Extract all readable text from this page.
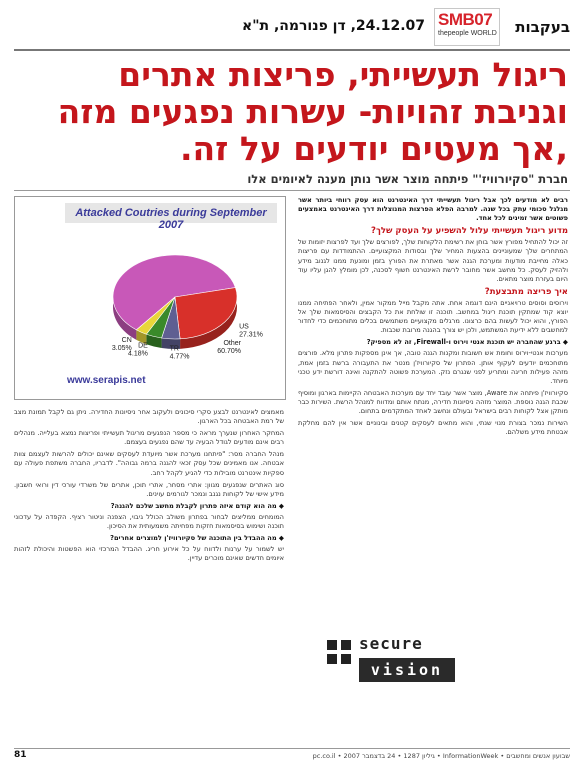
בעקבות
SMB07
thepeople WORLD
24.12.07, דן פנורמה, ת"א
ריגול תעשייתי, פריצות אתרים
וגניבת זהויות- עשרות נפגעים מזה
,אך מעטים יודעים על זה.
חברת "סקיורוויז'" פיתחה מוצר אשר נותן מענה לאיומים אלו

רבים לא מודעים לכך אבל ריגול תעשייתי דרך האינטרנט הוא עסק רווחי ביותר אשר מגלגל סכומי עתק בכל שנה. למרבה הפלא הפרצות המנוצלות דרך האינטרנט באמצעים פשוטים אשר זמינים לכל אחד.

מדוע ריגול תעשייתי עלול להשפיע על העסק שלך?

זה יכול להתחיל מפורץ אשר בוחן את רשימת הלקוחות שלך, לפורצים שלך ועד לפרצות יזומות של המתחרים שלך שמעוניינים בהצעות המחיר שלך ובסודות המקצועיים. ההתמודדות עם פריצות כאלה מחייבת מודעות ומערכת הגנה אשר מאתרת את הפורץ בזמן ומונעת ממנו לגנוב מידע ולהזיק לעסק. כל מחשב אשר מחובר לרשת האינטרנט חשוף לסכנה, לכן מומלץ להגן עליו עוד היום בעזרת מוצר מתאים.

איך פריצה מתבצעת?

וירוסים וסוסים טרויאניים הינם דוגמה אחת. אתה מקבל מייל ממקור אמין, ולאחר הפתיחה ממנו יוצא קוד שמתקין תוכנת ריגול במחשב. תוכנה זו שולחת את כל הקבצים והסיסמאות שלך אל הפורץ, והוא יכול לעשות בהם כרצונו. מרגלים מקצועיים משתמשים בכלים מתוחכמים כדי לחדור למחשבים ללא ידיעת המשתמש, ולכן יש צורך בהגנה מרובת שכבות.

◆ ברגע שהחברה יש תוכנת אנטי וירוס ו-Firewall, זה לא מספיק?

מערכות אנטי-וירוס וחומת אש חשובות ומקנות הגנה טובה, אך אינן מספקות פתרון מלא. פורצים מתוחכמים יודעים לעקוף אותן. הפתרון של סקיורוויז'ן מנטר את התעבורה ברשת בזמן אמת, מזהה פעילות חריגה ומתריע לפני שנגרם נזק. המערכת פשוטה להתקנה ואינה דורשת ידע טכני מיוחד.

סקיורוויז'ן פיתחה את Aware, מוצר אשר עובד יחד עם מערכות האבטחה הקיימות בארגון ומוסיף שכבת הגנה נוספת. המוצר מזהה ניסיונות חדירה, מנתח אותם ומדווח למנהל הרשת. השירות כבר מותקן אצל לקוחות רבים בישראל ובעולם ונחשב לאחד המתקדמים בתחום.

השירות נמכר בצורת מנוי שנתי, והוא מתאים לעסקים קטנים ובינוניים אשר אין להם מחלקת אבטחת מידע משלהם.

Attacked Coutries during September 2007
Other 60.70%
US 27.31%
TR 4.77%
DE 4.18%
CN 3.05%
www.serapis.net

מאמצים לאינטרנט לבצע סקרי סיכונים ולעקוב אחר ניסיונות החדירה. ניתן גם לקבל תמונת מצב של רמת האבטחה בכל הארגון.

המחקר האחרון שנערך מראה כי מספר הנפגעים מריגול תעשייתי ופריצות נמצא בעלייה. מנהלים רבים אינם מודעים לגודל הבעיה עד שהם נפגעים בעצמם.

מנהל החברה מסר: "פיתחנו מערכת אשר מיועדת לעסקים שאינם יכולים להרשות לעצמם צוות אבטחה. אנו מאמינים שכל עסק זכאי להגנה ברמה גבוהה". לדבריו, החברה משתפת פעולה עם ספקיות אינטרנט מובילות כדי להגיע לקהל רחב.

סוג האתרים שנפגעים מגוון: אתרי מסחר, אתרי תוכן, אתרים של משרדי עורכי דין ורואי חשבון. מידע אישי של לקוחות נגנב ונמכר לגורמים עוינים.

◆ מה הוא קודם איזה פתרון לקבלת מחשב שלכם להגנה?

המומחים ממליצים לבחור בפתרון משולב הכולל גיבוי, הצפנה וניטור רציף. הקפדה על עדכוני תוכנה ושימוש בסיסמאות חזקות מפחיתה משמעותית את הסיכון.

◆ מה ההבדל בין התוכנה של סקיורוויז'ן למוצרים אחרים?

יש לשמור על ערנות ולדווח על כל אירוע חריג. ההבדל המרכזי הוא הפשטות והיכולת לזהות איומים חדשים שאינם מוכרים עדיין.

secure
vision
81	שבועון אנשים ומחשבים • InformationWeek • גיליון 1287 • 24 בדצמבר 2007 • pc.co.il
